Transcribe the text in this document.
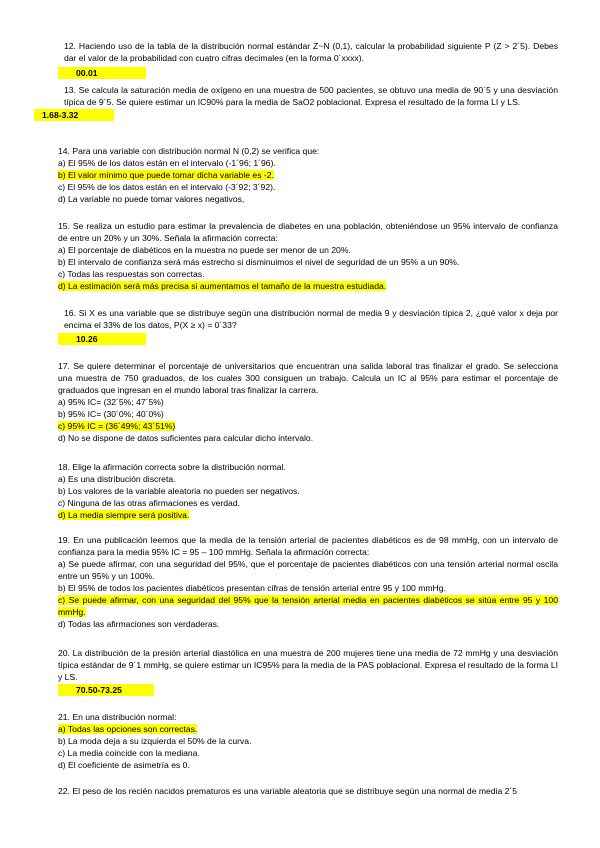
12. Haciendo uso de la tabla de la distribución normal estándar Z~N (0,1), calcular la probabilidad siguiente P (Z > 2´5). Debes dar el valor de la probabilidad con cuatro cifras decimales (en la forma 0´xxxx).

00.01

13. Se calcula la saturación media de oxígeno en una muestra de 500 pacientes, se obtuvo una media de 90´5 y una desviación típica de 9´5. Se quiere estimar un IC90% para la media de SaO2 poblacional. Expresa el resultado de la forma LI y LS.

1.68-3.32

14. Para una variable con distribución normal N (0,2) se verifica que:

a) El 95% de los datos están en el intervalo (-1´96; 1´96).

b) El valor mínimo que puede tomar dicha variable es -2.

c) El 95% de los datos están en el intervalo (-3´92; 3´92).

d) La variable no puede tomar valores negativos,

15. Se realiza un estudio para estimar la prevalencia de diabetes en una población, obteniéndose un 95% intervalo de confianza de entre un 20% y un 30%. Señala la afirmación correcta:

a) El porcentaje de diabéticos en la muestra no puede ser menor de un 20%.

b) El intervalo de confianza será más estrecho si disminuimos el nivel de seguridad de un 95% a un 90%.

c) Todas las respuestas son correctas.

d) La estimación será más precisa si aumentamos el tamaño de la muestra estudiada.

16. Si X es una variable que se distribuye según una distribución normal de media 9 y desviación típica 2, ¿qué valor x deja por encima el 33% de los datos, P(X ≥ x) = 0´33?

10.26

17. Se quiere determinar el porcentaje de universitarios que encuentran una salida laboral tras finalizar el grado. Se selecciona una muestra de 750 graduados, de los cuales 300 consiguen un trabajo. Calcula un IC al 95% para estimar el porcentaje de graduados que ingresan en el mundo laboral tras finalizar la carrera.

a) 95% IC= (32´5%; 47´5%)

b) 95% IC= (30´0%; 40´0%)

c) 95% IC = (36´49%; 43´51%)

d) No se dispone de datos suficientes para calcular dicho intervalo.

18. Elige la afirmación correcta sobre la distribución normal.

a) Es una distribución discreta.

b) Los valores de la variable aleatoria no pueden ser negativos.

c) Ninguna de las otras afirmaciones es verdad.

d) La media siempre será positiva.

19. En una publicación leemos que la media de la tensión arterial de pacientes diabéticos es de 98 mmHg, con un intervalo de confianza para la media 95% IC = 95 – 100 mmHg. Señala la afirmación correcta:

a) Se puede afirmar, con una seguridad del 95%, que el porcentaje de pacientes diabéticos con una tensión arterial normal oscila entre un 95% y un 100%.

b) El 95% de todos los pacientes diabéticos presentan cifras de tensión arterial entre 95 y 100 mmHg.

c) Se puede afirmar, con una seguridad del 95% que la tensión arterial media en pacientes diabéticos se sitúa entre 95 y 100 mmHg.

d) Todas las afirmaciones son verdaderas.

20. La distribución de la presión arterial diastólica en una muestra de 200 mujeres tiene una media de 72 mmHg y una desviación típica estándar de 9´1 mmHg, se quiere estimar un IC95% para la media de la PAS poblacional. Expresa el resultado de la forma LI y LS.

70.50-73.25

21. En una distribución normal:

a) Todas las opciones son correctas.

b) La moda deja a su izquierda el 50% de la curva.

c) La media coincide con la mediana.

d) El coeficiente de asimetría es 0.

22. El peso de los recién nacidos prematuros es una variable aleatoria que se distribuye según una normal de media 2´5
